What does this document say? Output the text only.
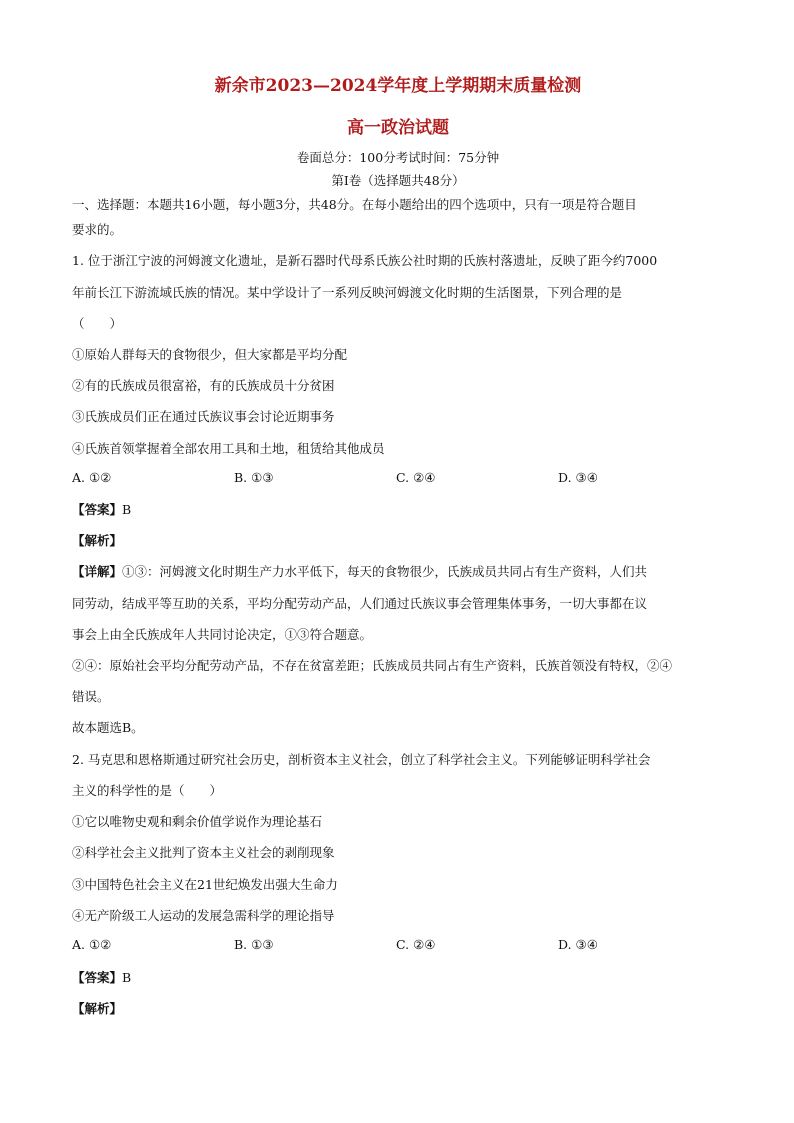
新余市2023—2024学年度上学期期末质量检测
高一政治试题
卷面总分：100分考试时间：75分钟
第Ⅰ卷（选择题共48分）
一、选择题：本题共16小题，每小题3分，共48分。在每小题给出的四个选项中，只有一项是符合题目
要求的。
1. 位于浙江宁波的河姆渡文化遗址，是新石器时代母系氏族公社时期的氏族村落遗址，反映了距今约7000
年前长江下游流域氏族的情况。某中学设计了一系列反映河姆渡文化时期的生活图景，下列合理的是
（　　）
①原始人群每天的食物很少，但大家都是平均分配
②有的氏族成员很富裕，有的氏族成员十分贫困
③氏族成员们正在通过氏族议事会讨论近期事务
④氏族首领掌握着全部农用工具和土地，租赁给其他成员
A. ①②	B. ①③	C. ②④	D. ③④
【答案】B
【解析】
【详解】①③：河姆渡文化时期生产力水平低下，每天的食物很少，氏族成员共同占有生产资料，人们共
同劳动，结成平等互助的关系，平均分配劳动产品，人们通过氏族议事会管理集体事务，一切大事都在议
事会上由全氏族成年人共同讨论决定，①③符合题意。
②④：原始社会平均分配劳动产品，不存在贫富差距；氏族成员共同占有生产资料，氏族首领没有特权，②④
错误。
故本题选B。
2. 马克思和恩格斯通过研究社会历史，剖析资本主义社会，创立了科学社会主义。下列能够证明科学社会
主义的科学性的是（　　）
①它以唯物史观和剩余价值学说作为理论基石
②科学社会主义批判了资本主义社会的剥削现象
③中国特色社会主义在21世纪焕发出强大生命力
④无产阶级工人运动的发展急需科学的理论指导
A. ①②	B. ①③	C. ②④	D. ③④
【答案】B
【解析】
